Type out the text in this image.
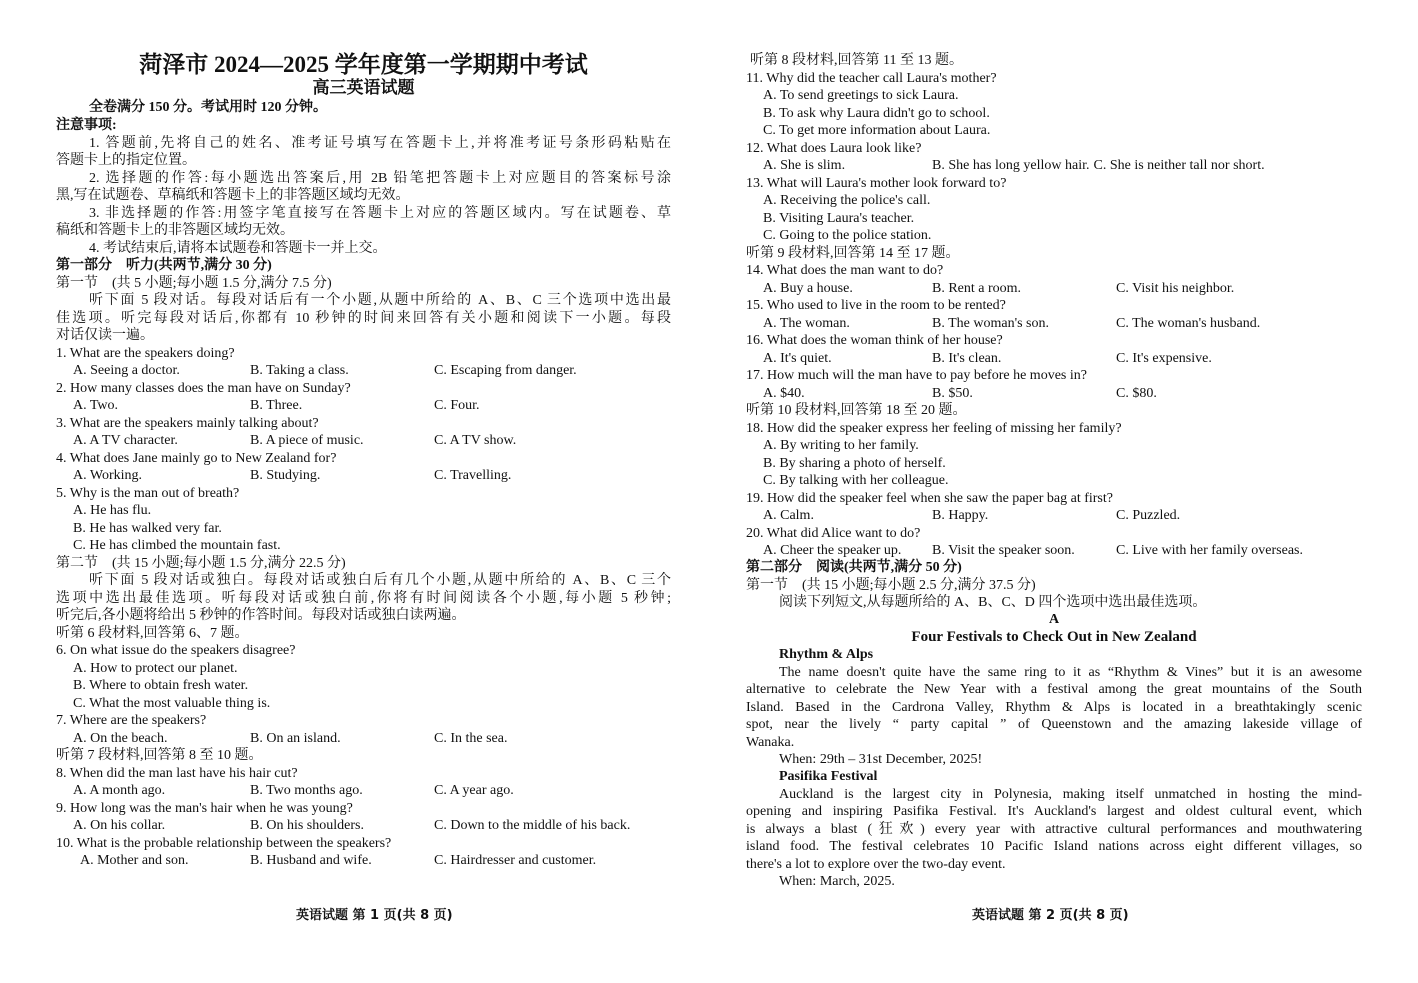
菏泽市 2024—2025 学年度第一学期期中考试
高三英语试题
全卷满分 150 分。考试用时 120 分钟。
注意事项:
1. 答题前,先将自己的姓名、准考证号填写在答题卡上,并将准考证号条形码粘贴在
答题卡上的指定位置。
2. 选择题的作答:每小题选出答案后,用 2B 铅笔把答题卡上对应题目的答案标号涂
黑,写在试题卷、草稿纸和答题卡上的非答题区域均无效。
3. 非选择题的作答:用签字笔直接写在答题卡上对应的答题区域内。写在试题卷、草
稿纸和答题卡上的非答题区域均无效。
4. 考试结束后,请将本试题卷和答题卡一并上交。
第一部分　听力(共两节,满分 30 分)
第一节　(共 5 小题;每小题 1.5 分,满分 7.5 分)
听下面 5 段对话。每段对话后有一个小题,从题中所给的 A、B、C 三个选项中选出最
佳选项。听完每段对话后,你都有 10 秒钟的时间来回答有关小题和阅读下一小题。每段
对话仅读一遍。
1. What are the speakers doing?
A. Seeing a doctor.	B. Taking a class.	C. Escaping from danger.
2. How many classes does the man have on Sunday?
A. Two.	B. Three.	C. Four.
3. What are the speakers mainly talking about?
A. A TV character.	B. A piece of music.	C. A TV show.
4. What does Jane mainly go to New Zealand for?
A. Working.	B. Studying.	C. Travelling.
5. Why is the man out of breath?
A. He has flu.
B. He has walked very far.
C. He has climbed the mountain fast.
第二节　(共 15 小题;每小题 1.5 分,满分 22.5 分)
听下面 5 段对话或独白。每段对话或独白后有几个小题,从题中所给的 A、B、C 三个
选项中选出最佳选项。听每段对话或独白前,你将有时间阅读各个小题,每小题 5 秒钟;
听完后,各小题将给出 5 秒钟的作答时间。每段对话或独白读两遍。
听第 6 段材料,回答第 6、7 题。
6. On what issue do the speakers disagree?
A. How to protect our planet.
B. Where to obtain fresh water.
C. What the most valuable thing is.
7. Where are the speakers?
A. On the beach.	B. On an island.	C. In the sea.
听第 7 段材料,回答第 8 至 10 题。
8. When did the man last have his hair cut?
A. A month ago.	B. Two months ago.	C. A year ago.
9. How long was the man's hair when he was young?
A. On his collar.	B. On his shoulders.	C. Down to the middle of his back.
10. What is the probable relationship between the speakers?
A. Mother and son.	B. Husband and wife.	C. Hairdresser and customer.
英语试题 第 1 页(共 8 页)
听第 8 段材料,回答第 11 至 13 题。
11. Why did the teacher call Laura's mother?
A. To send greetings to sick Laura.
B. To ask why Laura didn't go to school.
C. To get more information about Laura.
12. What does Laura look like?
A. She is slim.	B. She has long yellow hair. C. She is neither tall nor short.
13. What will Laura's mother look forward to?
A. Receiving the police's call.
B. Visiting Laura's teacher.
C. Going to the police station.
听第 9 段材料,回答第 14 至 17 题。
14. What does the man want to do?
A. Buy a house.	B. Rent a room.	C. Visit his neighbor.
15. Who used to live in the room to be rented?
A. The woman.	B. The woman's son.	C. The woman's husband.
16. What does the woman think of her house?
A. It's quiet.	B. It's clean.	C. It's expensive.
17. How much will the man have to pay before he moves in?
A. $40.	B. $50.	C. $80.
听第 10 段材料,回答第 18 至 20 题。
18. How did the speaker express her feeling of missing her family?
A. By writing to her family.
B. By sharing a photo of herself.
C. By talking with her colleague.
19. How did the speaker feel when she saw the paper bag at first?
A. Calm.	B. Happy.	C. Puzzled.
20. What did Alice want to do?
A. Cheer the speaker up.	B. Visit the speaker soon.	C. Live with her family overseas.
第二部分　阅读(共两节,满分 50 分)
第一节　(共 15 小题;每小题 2.5 分,满分 37.5 分)
阅读下列短文,从每题所给的 A、B、C、D 四个选项中选出最佳选项。
A
Four Festivals to Check Out in New Zealand
Rhythm & Alps
The name doesn't quite have the same ring to it as “Rhythm & Vines” but it is an awesome
alternative to celebrate the New Year with a festival among the great mountains of the South
Island. Based in the Cardrona Valley, Rhythm & Alps is located in a breathtakingly scenic
spot, near the lively “ party capital ” of Queenstown and the amazing lakeside village of
Wanaka.
When: 29th – 31st December, 2025!
Pasifika Festival
Auckland is the largest city in Polynesia, making itself unmatched in hosting the mind-
opening and inspiring Pasifika Festival. It's Auckland's largest and oldest cultural event, which
is always a blast (狂欢) every year with attractive cultural performances and mouthwatering
island food. The festival celebrates 10 Pacific Island nations across eight different villages, so
there's a lot to explore over the two-day event.
When: March, 2025.
英语试题 第 2 页(共 8 页)
